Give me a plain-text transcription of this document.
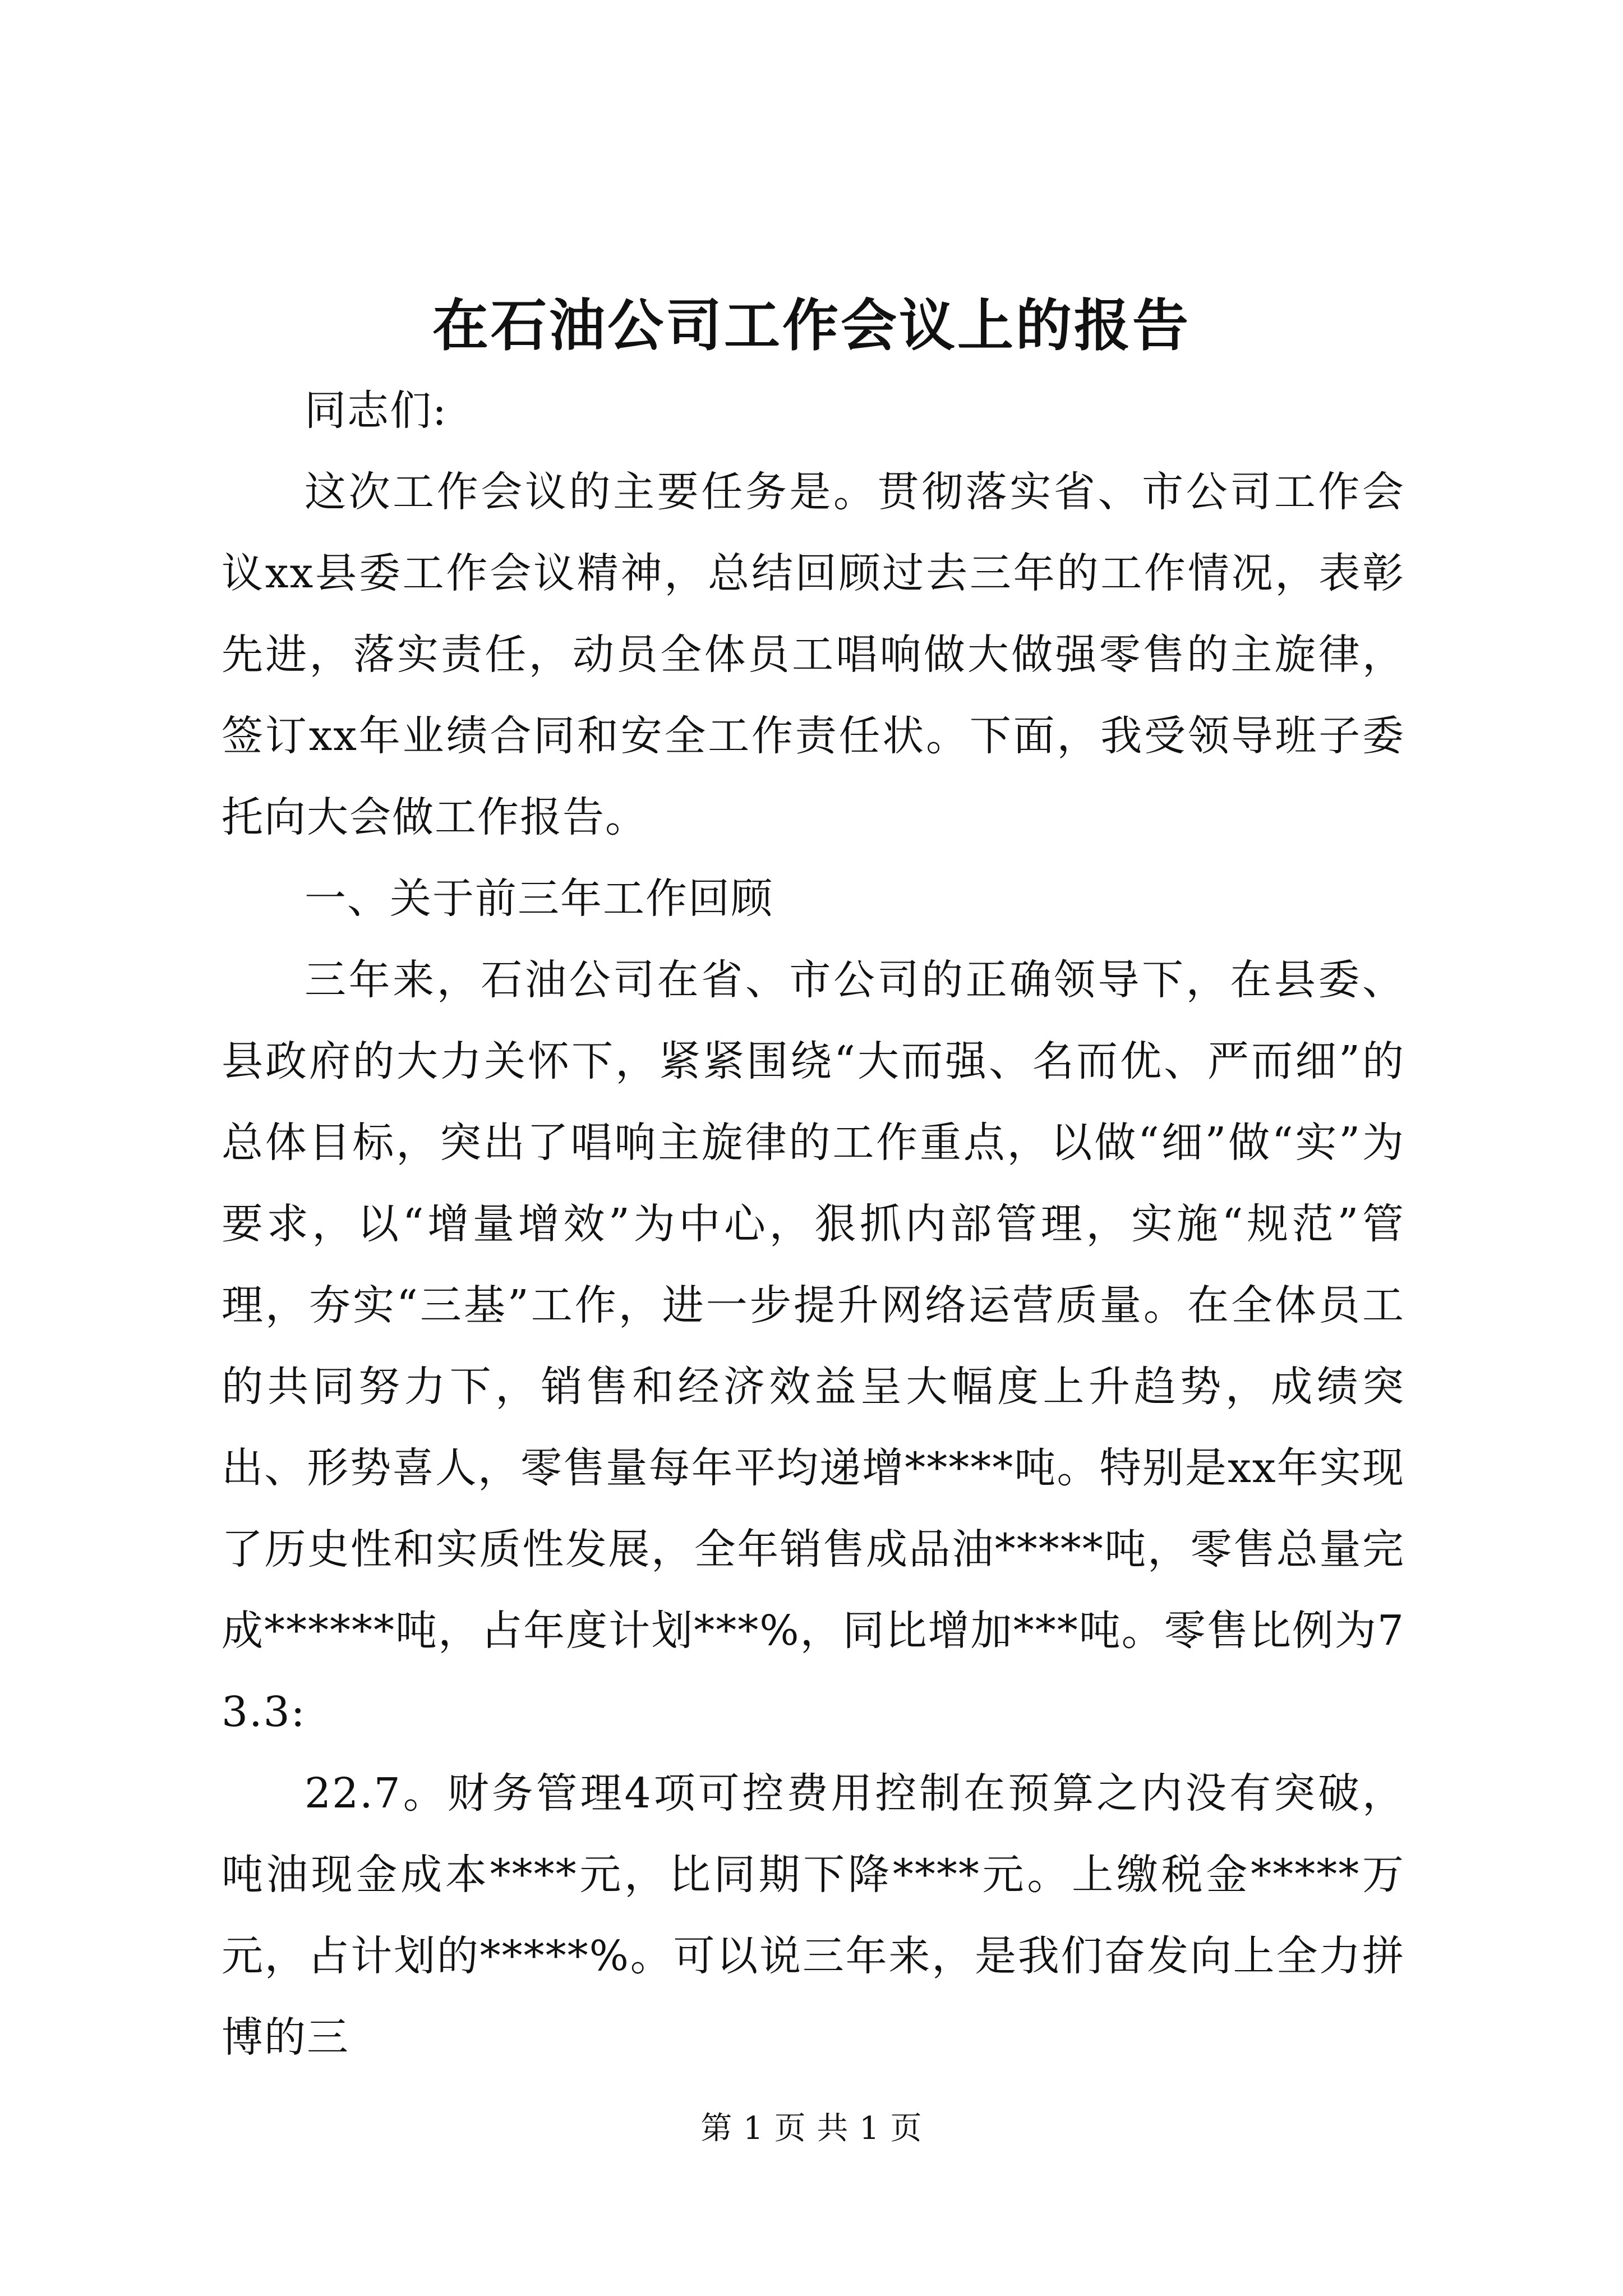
在石油公司工作会议上的报告

同志们:

这次工作会议的主要任务是。贯彻落实省、市公司工作会议xx县委工作会议精神，总结回顾过去三年的工作情况，表彰先进，落实责任，动员全体员工唱响做大做强零售的主旋律，签订xx年业绩合同和安全工作责任状。下面，我受领导班子委托向大会做工作报告。

一、关于前三年工作回顾

三年来，石油公司在省、市公司的正确领导下，在县委、县政府的大力关怀下，紧紧围绕“大而强、名而优、严而细”的总体目标，突出了唱响主旋律的工作重点，以做“细”做“实”为要求，以“增量增效”为中心，狠抓内部管理，实施“规范”管理，夯实“三基”工作，进一步提升网络运营质量。在全体员工的共同努力下，销售和经济效益呈大幅度上升趋势，成绩突出、形势喜人，零售量每年平均递增*****吨。特别是xx年实现了历史性和实质性发展，全年销售成品油*****吨，零售总量完成******吨，占年度计划***%，同比增加***吨。零售比例为73.3:

22.7。财务管理4项可控费用控制在预算之内没有突破，吨油现金成本****元，比同期下降****元。上缴税金*****万元，占计划的*****%。可以说三年来，是我们奋发向上全力拼博的三

第 1 页 共 1 页
